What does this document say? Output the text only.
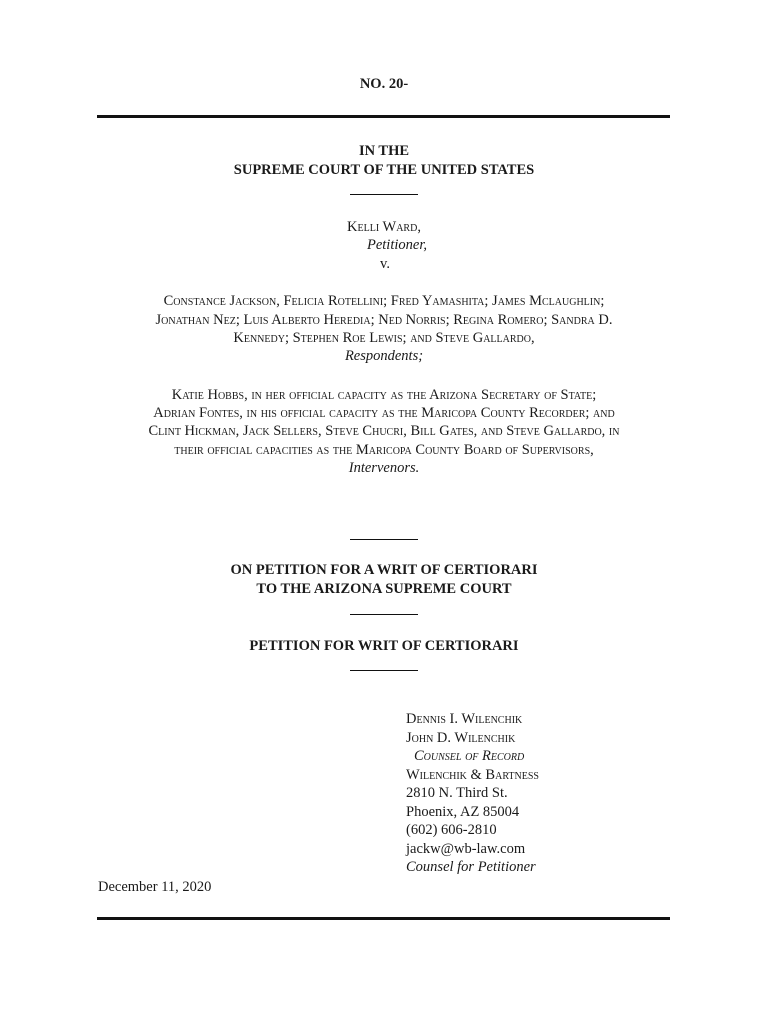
NO. 20-
IN THE
SUPREME COURT OF THE UNITED STATES
Kelli Ward,
Petitioner,
v.
Constance Jackson, Felicia Rotellini; Fred Yamashita; James Mclaughlin;
Jonathan Nez; Luis Alberto Heredia; Ned Norris; Regina Romero; Sandra D.
Kennedy; Stephen Roe Lewis; and Steve Gallardo,
Respondents;
Katie Hobbs, in her official capacity as the Arizona Secretary of State;
Adrian Fontes, in his official capacity as the Maricopa County Recorder; and
Clint Hickman, Jack Sellers, Steve Chucri, Bill Gates, and Steve Gallardo, in
their official capacities as the Maricopa County Board of Supervisors,
Intervenors.
ON PETITION FOR A WRIT OF CERTIORARI
TO THE ARIZONA SUPREME COURT
PETITION FOR WRIT OF CERTIORARI
Dennis I. Wilenchik
John D. Wilenchik
Counsel of Record
Wilenchik & Bartness
2810 N. Third St.
Phoenix, AZ 85004
(602) 606-2810
jackw@wb-law.com
Counsel for Petitioner
December 11, 2020
